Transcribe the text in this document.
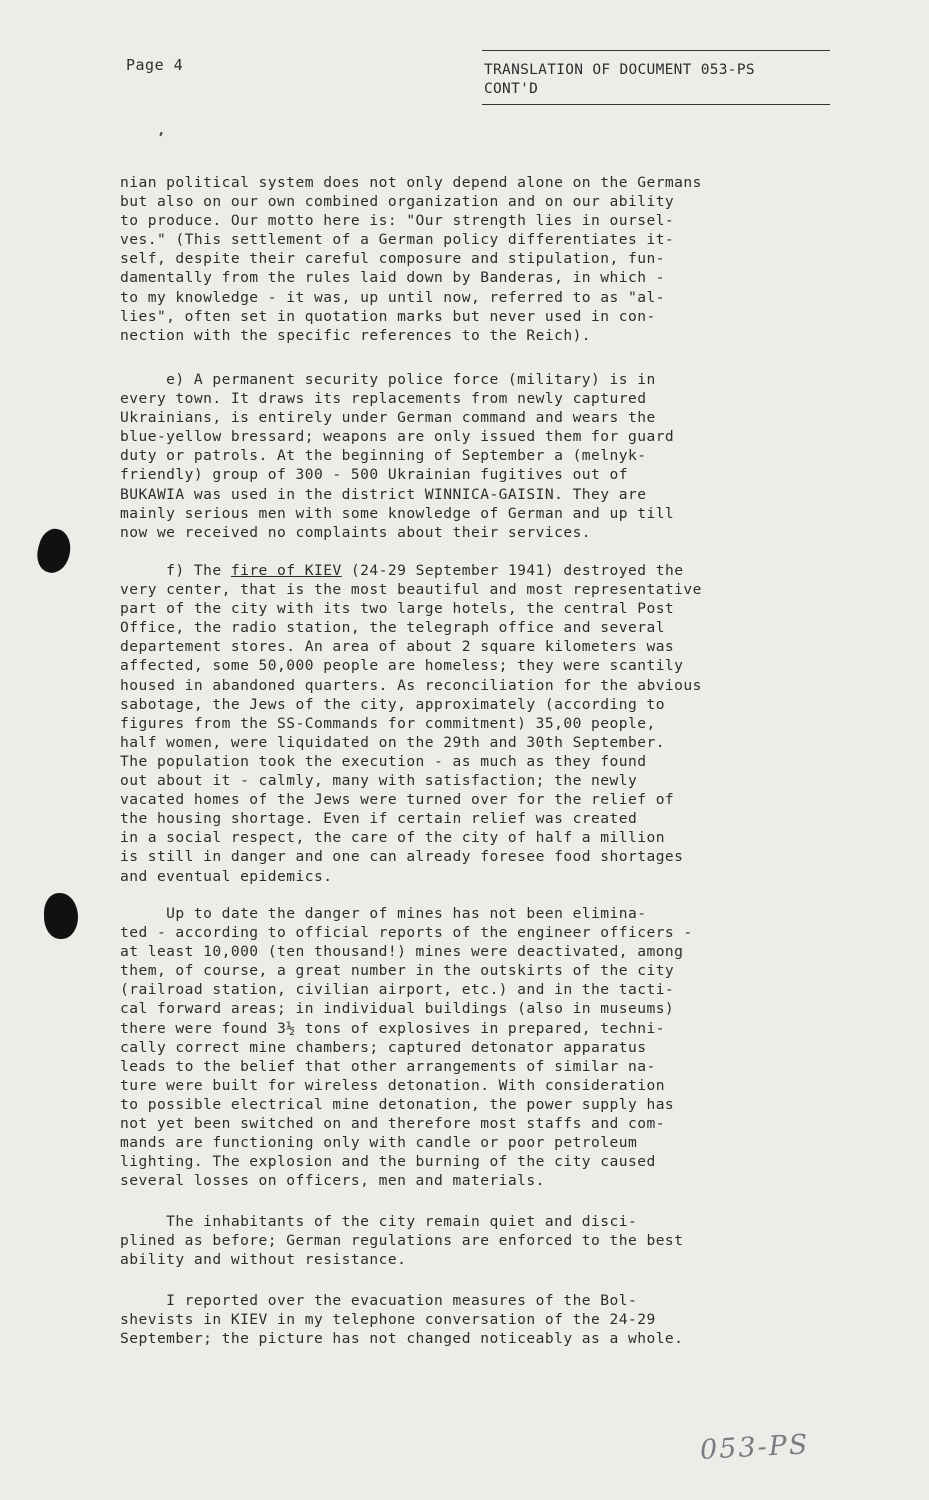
Page 4	TRANSLATION OF DOCUMENT 053-PS
CONT'D
nian political system does not only depend alone on the Germans
but also on our own combined organization and on our ability
to produce. Our motto here is: "Our strength lies in oursel-
ves." (This settlement of a German policy differentiates it-
self, despite their careful composure and stipulation, fun-
damentally from the rules laid down by Banderas, in which -
to my knowledge - it was, up until now, referred to as "al-
lies", often set in quotation marks but never used in con-
nection with the specific references to the Reich).
e) A permanent security police force (military) is in
every town. It draws its replacements from newly captured
Ukrainians, is entirely under German command and wears the
blue-yellow bressard; weapons are only issued them for guard
duty or patrols. At the beginning of September a (melnyk-
friendly) group of 300 - 500 Ukrainian fugitives out of
BUKAWIA was used in the district WINNICA-GAISIN. They are
mainly serious men with some knowledge of German and up till
now we received no complaints about their services.
f) The fire of KIEV (24-29 September 1941) destroyed the
very center, that is the most beautiful and most representative
part of the city with its two large hotels, the central Post
Office, the radio station, the telegraph office and several
departement stores. An area of about 2 square kilometers was
affected, some 50,000 people are homeless; they were scantily
housed in abandoned quarters. As reconciliation for the abvious
sabotage, the Jews of the city, approximately (according to
figures from the SS-Commands for commitment) 35,00 people,
half women, were liquidated on the 29th and 30th September.
The population took the execution - as much as they found
out about it - calmly, many with satisfaction; the newly
vacated homes of the Jews were turned over for the relief of
the housing shortage. Even if certain relief was created
in a social respect, the care of the city of half a million
is still in danger and one can already foresee food shortages
and eventual epidemics.
Up to date the danger of mines has not been elimina-
ted - according to official reports of the engineer officers -
at least 10,000 (ten thousand!) mines were deactivated, among
them, of course, a great number in the outskirts of the city
(railroad station, civilian airport, etc.) and in the tacti-
cal forward areas; in individual buildings (also in museums)
there were found 3½ tons of explosives in prepared, techni-
cally correct mine chambers; captured detonator apparatus
leads to the belief that other arrangements of similar na-
ture were built for wireless detonation. With consideration
to possible electrical mine detonation, the power supply has
not yet been switched on and therefore most staffs and com-
mands are functioning only with candle or poor petroleum
lighting. The explosion and the burning of the city caused
several losses on officers, men and materials.
The inhabitants of the city remain quiet and disci-
plined as before; German regulations are enforced to the best
ability and without resistance.
I reported over the evacuation measures of the Bol-
shevists in KIEV in my telephone conversation of the 24-29
September; the picture has not changed noticeably as a whole.
053-PS
